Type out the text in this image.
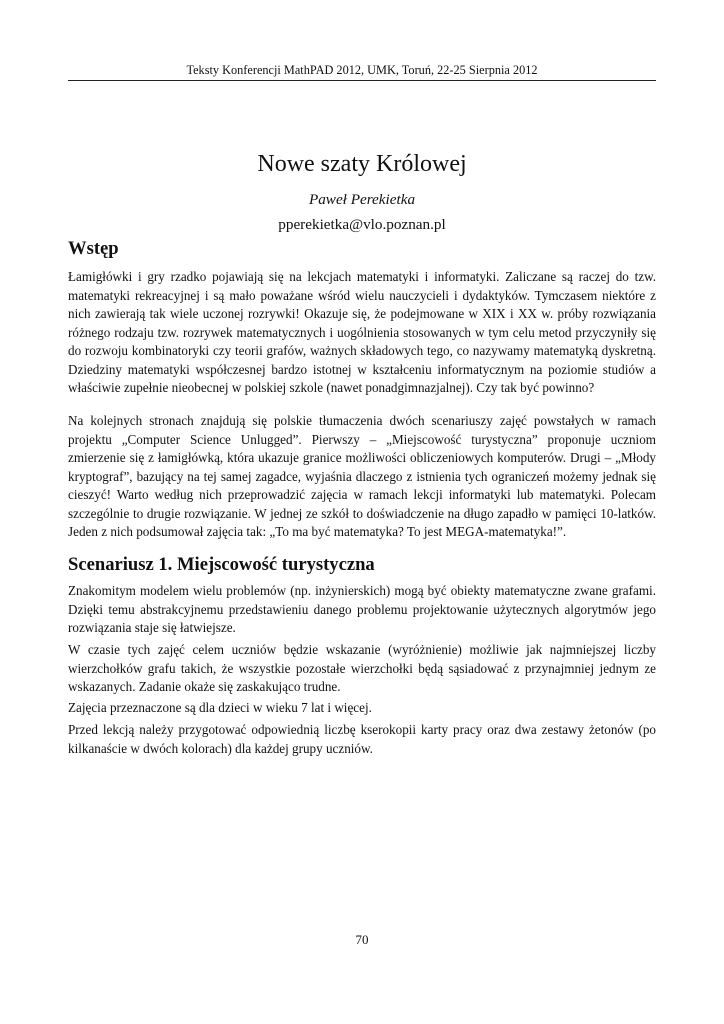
Teksty Konferencji MathPAD 2012, UMK, Toruń, 22-25 Sierpnia 2012
Nowe szaty Królowej
Paweł Perekietka
pperekietka@vlo.poznan.pl
Wstęp

Łamigłówki i gry rzadko pojawiają się na lekcjach matematyki i informatyki. Zaliczane są raczej do tzw. matematyki rekreacyjnej i są mało poważane wśród wielu nauczycieli i dydaktyków. Tymczasem niektóre z nich zawierają tak wiele uczonej rozrywki! Okazuje się, że podejmowane w XIX i XX w. próby rozwiązania różnego rodzaju tzw. rozrywek matematycznych i uogólnienia stosowanych w tym celu metod przyczyniły się do rozwoju kombinatoryki czy teorii grafów, ważnych składowych tego, co nazywamy matematyką dyskretną. Dziedziny matematyki współczesnej bardzo istotnej w kształceniu informatycznym na poziomie studiów a właściwie zupełnie nieobecnej w polskiej szkole (nawet ponadgimnazjalnej). Czy tak być powinno?

Na kolejnych stronach znajdują się polskie tłumaczenia dwóch scenariuszy zajęć powstałych w ramach projektu „Computer Science Unlugged”. Pierwszy – „Miejscowość turystyczna” proponuje uczniom zmierzenie się z łamigłówką, która ukazuje granice możliwości obliczeniowych komputerów. Drugi – „Młody kryptograf”, bazujący na tej samej zagadce, wyjaśnia dlaczego z istnienia tych ograniczeń możemy jednak się cieszyć! Warto według nich przeprowadzić zajęcia w ramach lekcji informatyki lub matematyki. Polecam szczególnie to drugie rozwiązanie. W jednej ze szkół to doświadczenie na długo zapadło w pamięci 10-latków. Jeden z nich podsumował zajęcia tak: „To ma być matematyka? To jest MEGA-matematyka!”.

Scenariusz 1. Miejscowość turystyczna

Znakomitym modelem wielu problemów (np. inżynierskich) mogą być obiekty matematyczne zwane grafami. Dzięki temu abstrakcyjnemu przedstawieniu danego problemu projektowanie użytecznych algorytmów jego rozwiązania staje się łatwiejsze.

W czasie tych zajęć celem uczniów będzie wskazanie (wyróżnienie) możliwie jak najmniejszej liczby wierzchołków grafu takich, że wszystkie pozostałe wierzchołki będą sąsiadować z przynajmniej jednym ze wskazanych. Zadanie okaże się zaskakująco trudne.

Zajęcia przeznaczone są dla dzieci w wieku 7 lat i więcej.

Przed lekcją należy przygotować odpowiednią liczbę kserokopii karty pracy oraz dwa zestawy żetonów (po kilkanaście w dwóch kolorach) dla każdej grupy uczniów.

70
